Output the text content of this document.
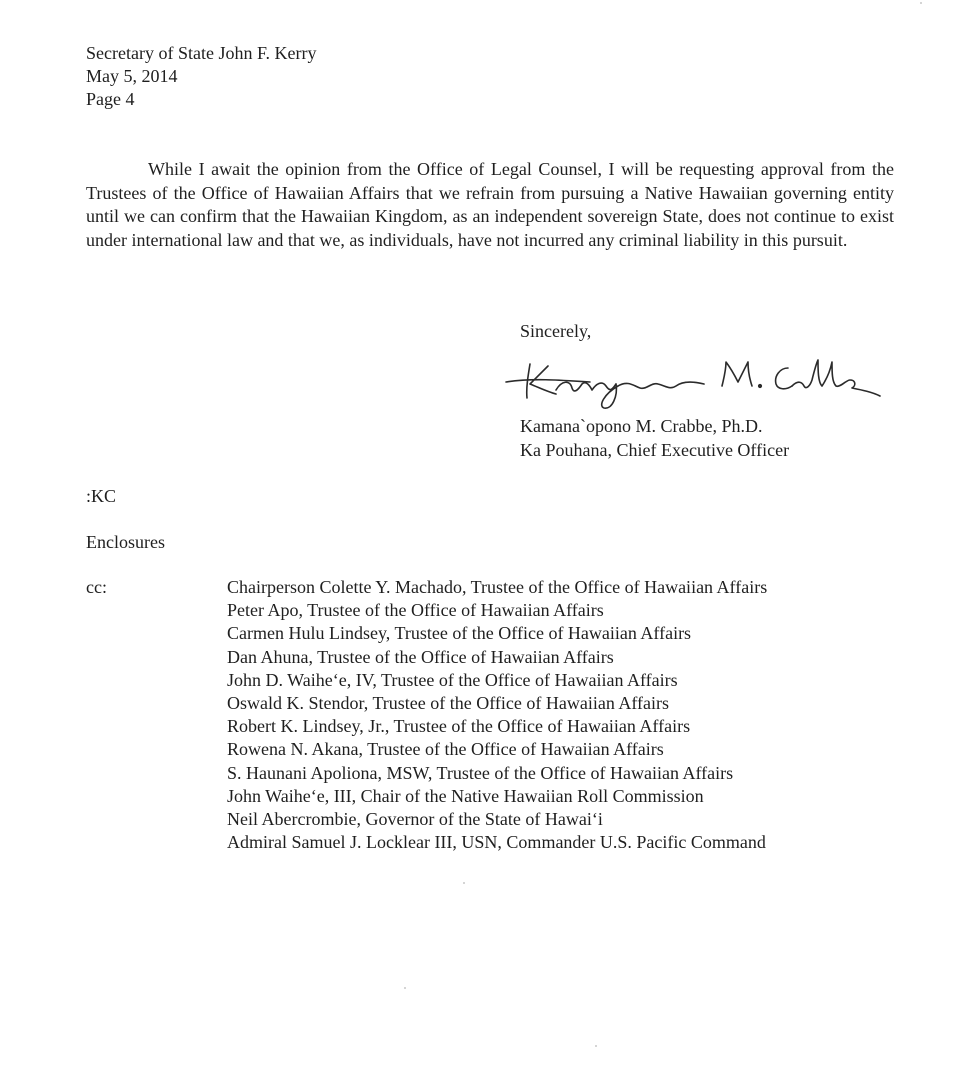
Secretary of State John F. Kerry
May 5, 2014
Page 4

While I await the opinion from the Office of Legal Counsel, I will be requesting approval from the Trustees of the Office of Hawaiian Affairs that we refrain from pursuing a Native Hawaiian governing entity until we can confirm that the Hawaiian Kingdom, as an independent sovereign State, does not continue to exist under international law and that we, as individuals, have not incurred any criminal liability in this pursuit.

Sincerely,
Kamana`opono M. Crabbe, Ph.D.
Ka Pouhana, Chief Executive Officer
:KC
Enclosures
cc:	Chairperson Colette Y. Machado, Trustee of the Office of Hawaiian Affairs
Peter Apo, Trustee of the Office of Hawaiian Affairs
Carmen Hulu Lindsey, Trustee of the Office of Hawaiian Affairs
Dan Ahuna, Trustee of the Office of Hawaiian Affairs
John D. Waihe‘e, IV, Trustee of the Office of Hawaiian Affairs
Oswald K. Stendor, Trustee of the Office of Hawaiian Affairs
Robert K. Lindsey, Jr., Trustee of the Office of Hawaiian Affairs
Rowena N. Akana, Trustee of the Office of Hawaiian Affairs
S. Haunani Apoliona, MSW, Trustee of the Office of Hawaiian Affairs
John Waihe‘e, III, Chair of the Native Hawaiian Roll Commission
Neil Abercrombie, Governor of the State of Hawai‘i
Admiral Samuel J. Locklear III, USN, Commander U.S. Pacific Command
